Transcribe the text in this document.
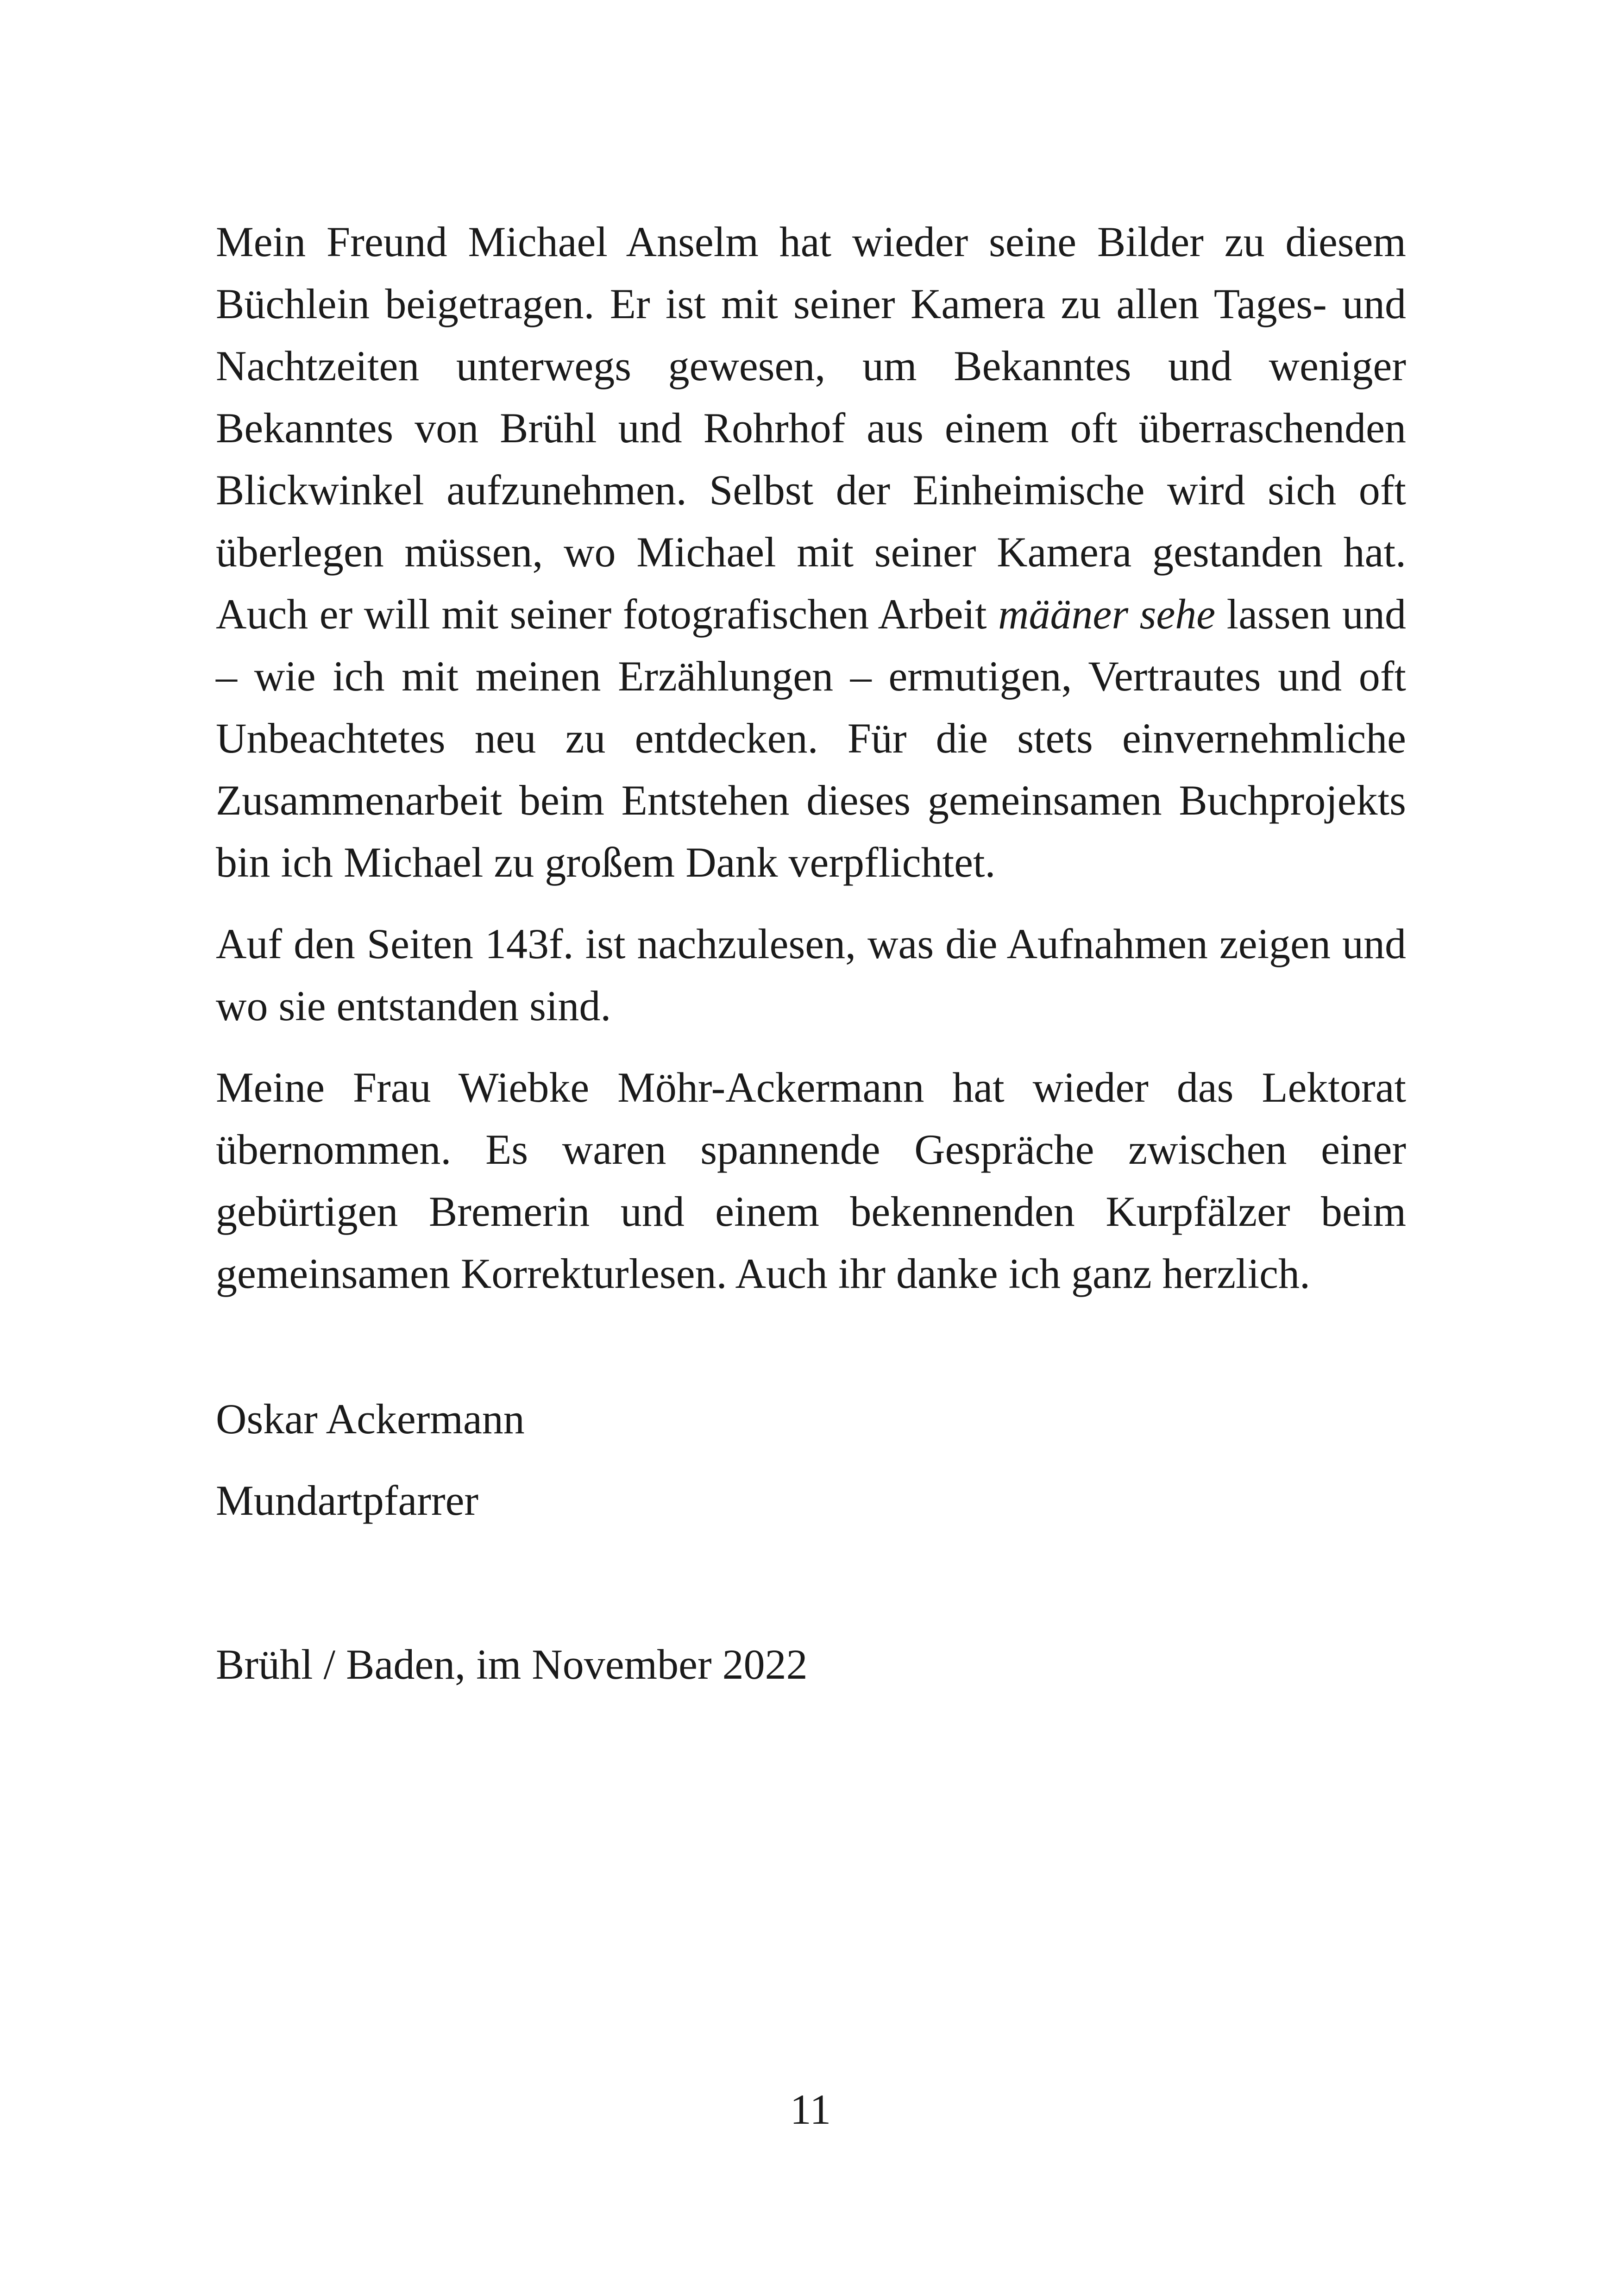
Mein Freund Michael Anselm hat wieder seine Bilder zu diesem Büchlein beigetragen. Er ist mit seiner Kamera zu allen Tages- und Nachtzeiten unterwegs gewesen, um Bekanntes und weniger Bekanntes von Brühl und Rohrhof aus einem oft überraschenden Blickwinkel aufzunehmen. Selbst der Einheimische wird sich oft überlegen müssen, wo Michael mit seiner Kamera gestanden hat. Auch er will mit seiner fotografischen Arbeit määner sehe lassen und – wie ich mit meinen Erzählungen – ermutigen, Vertrautes und oft Unbeachtetes neu zu entdecken. Für die stets einvernehmliche Zusammenarbeit beim Entstehen dieses gemeinsamen Buchprojekts bin ich Michael zu großem Dank verpflichtet.

Auf den Seiten 143f. ist nachzulesen, was die Aufnahmen zeigen und wo sie entstanden sind.

Meine Frau Wiebke Möhr-Ackermann hat wieder das Lektorat übernommen. Es waren spannende Gespräche zwischen einer gebürtigen Bremerin und einem bekennenden Kurpfälzer beim gemeinsamen Korrekturlesen. Auch ihr danke ich ganz herzlich.

Oskar Ackermann
Mundartpfarrer
Brühl / Baden, im November 2022
11
